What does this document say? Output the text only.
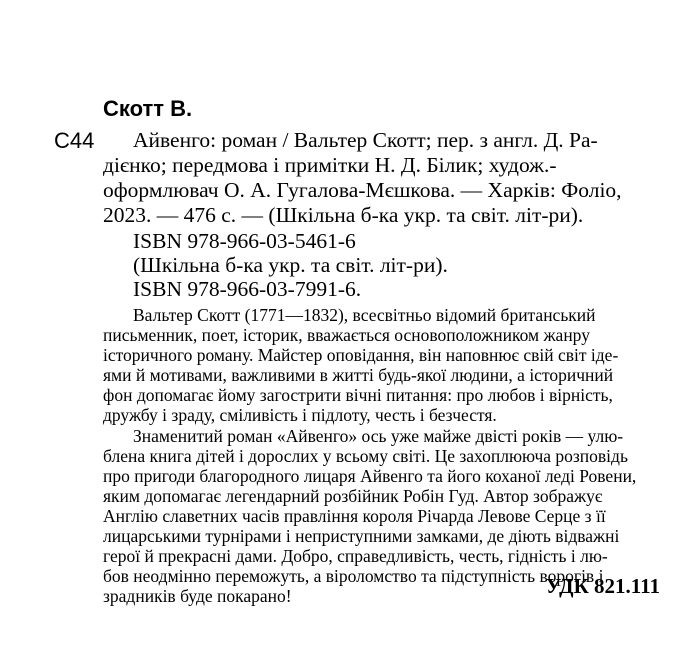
Скотт В.
С44 Айвенго: роман / Вальтер Скотт; пер. з англ. Д. Ра-
дієнко; передмова і примітки Н. Д. Білик; худож.-
оформлювач О. А. Гугалова-Мєшкова. — Харків: Фоліо,
2023. — 476 с. — (Шкільна б-ка укр. та світ. літ-ри).
ISBN 978-966-03-5461-6
(Шкільна б-ка укр. та світ. літ-ри).
ISBN 978-966-03-7991-6.
Вальтер Скотт (1771—1832), всесвітньо відомий британський
письменник, поет, історик, вважається основоположником жанру
історичного роману. Майстер оповідання, він наповнює свій світ іде-
ями й мотивами, важливими в житті будь-якої людини, а історичний
фон допомагає йому загострити вічні питання: про любов і вірність,
дружбу і зраду, сміливість і підлоту, честь і безчестя.
Знаменитий роман «Айвенго» ось уже майже двісті років — улю-
блена книга дітей і дорослих у всьому світі. Це захоплююча розповідь
про пригоди благородного лицаря Айвенго та його коханої леді Ровени,
яким допомагає легендарний розбійник Робін Гуд. Автор зображує
Англію славетних часів правління короля Річарда Левове Серце з її
лицарськими турнірами і неприступними замками, де діють відважні
герої й прекрасні дами. Добро, справедливість, честь, гідність і лю-
бов неодмінно переможуть, а віроломство та підступність ворогів і
зрадників буде покарано!	УДК 821.111
